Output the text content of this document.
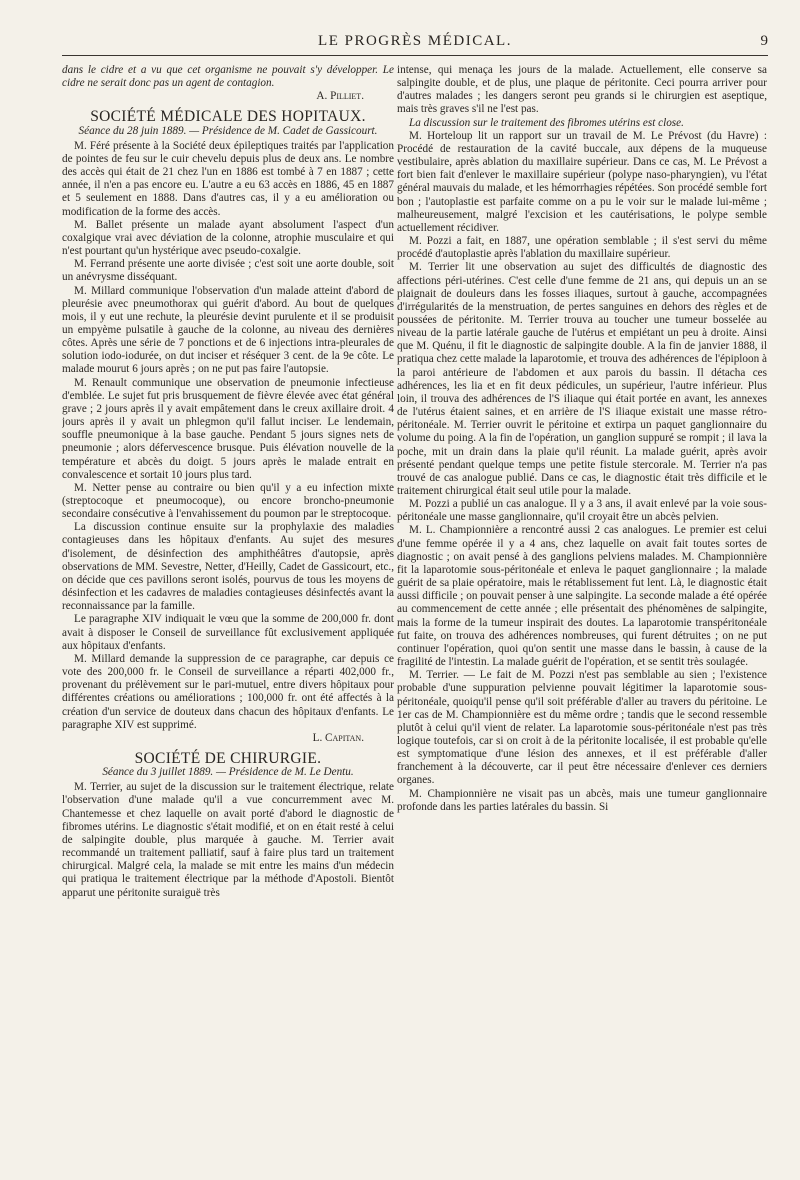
LE PROGRÈS MÉDICAL.	9

dans le cidre et a vu que cet organisme ne pouvait s'y développer. Le cidre ne serait donc pas un agent de contagion.

A. Pilliet.
SOCIÉTÉ MÉDICALE DES HOPITAUX.

Séance du 28 juin 1889. — Présidence de M. Cadet de Gassicourt.

M. Féré présente à la Société deux épileptiques traités par l'application de pointes de feu sur le cuir chevelu depuis plus de deux ans. Le nombre des accès qui était de 21 chez l'un en 1886 est tombé à 7 en 1887 ; cette année, il n'en a pas encore eu. L'autre a eu 63 accès en 1886, 45 en 1887 et 5 seulement en 1888. Dans d'autres cas, il y a eu amélioration ou modification de la forme des accès.

M. Ballet présente un malade ayant absolument l'aspect d'un coxalgique vrai avec déviation de la colonne, atrophie musculaire et qui n'est pourtant qu'un hystérique avec pseudo-coxalgie.

M. Ferrand présente une aorte divisée ; c'est soit une aorte double, soit un anévrysme disséquant.

M. Millard communique l'observation d'un malade atteint d'abord de pleurésie avec pneumothorax qui guérit d'abord. Au bout de quelques mois, il y eut une rechute, la pleurésie devint purulente et il se produisit un empyème pulsatile à gauche de la colonne, au niveau des dernières côtes. Après une série de 7 ponctions et de 6 injections intra-pleurales de solution iodo-iodurée, on dut inciser et réséquer 3 cent. de la 9e côte. Le malade mourut 6 jours après ; on ne put pas faire l'autopsie.

M. Renault communique une observation de pneumonie infectieuse d'emblée. Le sujet fut pris brusquement de fièvre élevée avec état général grave ; 2 jours après il y avait empâtement dans le creux axillaire droit. 4 jours après il y avait un phlegmon qu'il fallut inciser. Le lendemain, souffle pneumonique à la base gauche. Pendant 5 jours signes nets de pneumonie ; alors défervescence brusque. Puis élévation nouvelle de la température et abcès du doigt. 5 jours après le malade entrait en convalescence et sortait 10 jours plus tard.

M. Netter pense au contraire ou bien qu'il y a eu infection mixte (streptocoque et pneumocoque), ou encore broncho-pneumonie secondaire consécutive à l'envahissement du poumon par le streptocoque.

La discussion continue ensuite sur la prophylaxie des maladies contagieuses dans les hôpitaux d'enfants. Au sujet des mesures d'isolement, de désinfection des amphithéâtres d'autopsie, après observations de MM. Sevestre, Netter, d'Heilly, Cadet de Gassicourt, etc., on décide que ces pavillons seront isolés, pourvus de tous les moyens de désinfection et les cadavres de maladies contagieuses désinfectés avant la reconnaissance par la famille.

Le paragraphe XIV indiquait le vœu que la somme de 200,000 fr. dont avait à disposer le Conseil de surveillance fût exclusivement appliquée aux hôpitaux d'enfants.

M. Millard demande la suppression de ce paragraphe, car depuis ce vote des 200,000 fr. le Conseil de surveillance a réparti 402,000 fr., provenant du prélèvement sur le pari-mutuel, entre divers hôpitaux pour différentes créations ou améliorations ; 100,000 fr. ont été affectés à la création d'un service de douteux dans chacun des hôpitaux d'enfants. Le paragraphe XIV est supprimé.

L. Capitan.
SOCIÉTÉ DE CHIRURGIE.

Séance du 3 juillet 1889. — Présidence de M. Le Dentu.

M. Terrier, au sujet de la discussion sur le traitement électrique, relate l'observation d'une malade qu'il a vue concurremment avec M. Chantemesse et chez laquelle on avait porté d'abord le diagnostic de fibromes utérins. Le diagnostic s'était modifié, et on en était resté à celui de salpingite double, plus marquée à gauche. M. Terrier avait recommandé un traitement palliatif, sauf à faire plus tard un traitement chirurgical. Malgré cela, la malade se mit entre les mains d'un médecin qui pratiqua le traitement électrique par la méthode d'Apostoli. Bientôt apparut une péritonite suraiguë très

intense, qui menaça les jours de la malade. Actuellement, elle conserve sa salpingite double, et de plus, une plaque de péritonite. Ceci pourra arriver pour d'autres malades ; les dangers seront peu grands si le chirurgien est aseptique, mais très graves s'il ne l'est pas.

La discussion sur le traitement des fibromes utérins est close.

M. Horteloup lit un rapport sur un travail de M. Le Prévost (du Havre) : Procédé de restauration de la cavité buccale, aux dépens de la muqueuse vestibulaire, après ablation du maxillaire supérieur. Dans ce cas, M. Le Prévost a fort bien fait d'enlever le maxillaire supérieur (polype naso-pharyngien), vu l'état général mauvais du malade, et les hémorrhagies répétées. Son procédé semble fort bon ; l'autoplastie est parfaite comme on a pu le voir sur le malade lui-même ; malheureusement, malgré l'excision et les cautérisations, le polype semble actuellement récidiver.

M. Pozzi a fait, en 1887, une opération semblable ; il s'est servi du même procédé d'autoplastie après l'ablation du maxillaire supérieur.

M. Terrier lit une observation au sujet des difficultés de diagnostic des affections péri-utérines. C'est celle d'une femme de 21 ans, qui depuis un an se plaignait de douleurs dans les fosses iliaques, surtout à gauche, accompagnées d'irrégularités de la menstruation, de pertes sanguines en dehors des règles et de poussées de péritonite. M. Terrier trouva au toucher une tumeur bosselée au niveau de la partie latérale gauche de l'utérus et empiétant un peu à droite. Ainsi que M. Quénu, il fit le diagnostic de salpingite double. A la fin de janvier 1888, il pratiqua chez cette malade la laparotomie, et trouva des adhérences de l'épiploon à la paroi antérieure de l'abdomen et aux parois du bassin. Il détacha ces adhérences, les lia et en fit deux pédicules, un supérieur, l'autre inférieur. Plus loin, il trouva des adhérences de l'S iliaque qui était portée en avant, les annexes de l'utérus étaient saines, et en arrière de l'S iliaque existait une masse rétro-péritonéale. M. Terrier ouvrit le péritoine et extirpa un paquet ganglionnaire du volume du poing. A la fin de l'opération, un ganglion suppuré se rompit ; il lava la poche, mit un drain dans la plaie qu'il réunit. La malade guérit, après avoir présenté pendant quelque temps une petite fistule stercorale. M. Terrier n'a pas trouvé de cas analogue publié. Dans ce cas, le diagnostic était très difficile et le traitement chirurgical était seul utile pour la malade.

M. Pozzi a publié un cas analogue. Il y a 3 ans, il avait enlevé par la voie sous-péritonéale une masse ganglionnaire, qu'il croyait être un abcès pelvien.

M. L. Championnière a rencontré aussi 2 cas analogues. Le premier est celui d'une femme opérée il y a 4 ans, chez laquelle on avait fait toutes sortes de diagnostic ; on avait pensé à des ganglions pelviens malades. M. Championnière fit la laparotomie sous-péritonéale et enleva le paquet ganglionnaire ; la malade guérit de sa plaie opératoire, mais le rétablissement fut lent. Là, le diagnostic était aussi difficile ; on pouvait penser à une salpingite. La seconde malade a été opérée au commencement de cette année ; elle présentait des phénomènes de salpingite, mais la forme de la tumeur inspirait des doutes. La laparotomie transpéritonéale fut faite, on trouva des adhérences nombreuses, qui furent détruites ; on ne put continuer l'opération, quoi qu'on sentit une masse dans le bassin, à cause de la fragilité de l'intestin. La malade guérit de l'opération, et se sentit très soulagée.

M. Terrier. — Le fait de M. Pozzi n'est pas semblable au sien ; l'existence probable d'une suppuration pelvienne pouvait légitimer la laparotomie sous-péritonéale, quoiqu'il pense qu'il soit préférable d'aller au travers du péritoine. Le 1er cas de M. Championnière est du même ordre ; tandis que le second ressemble plutôt à celui qu'il vient de relater. La laparotomie sous-péritonéale n'est pas très logique toutefois, car si on croit à de la péritonite localisée, il est probable qu'elle est symptomatique d'une lésion des annexes, et il est préférable d'aller franchement à la découverte, car il peut être nécessaire d'enlever ces derniers organes.

M. Championnière ne visait pas un abcès, mais une tumeur ganglionnaire profonde dans les parties latérales du bassin. Si
